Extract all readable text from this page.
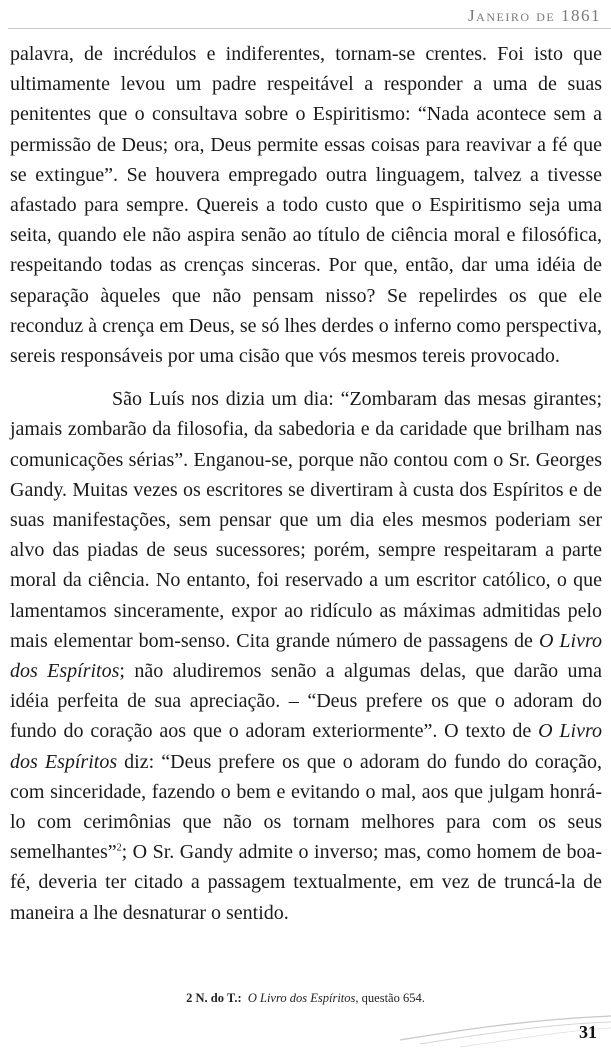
Janeiro de 1861

palavra, de incrédulos e indiferentes, tornam-se crentes. Foi isto que ultimamente levou um padre respeitável a responder a uma de suas penitentes que o consultava sobre o Espiritismo: “Nada acontece sem a permissão de Deus; ora, Deus permite essas coisas para reavivar a fé que se extingue”. Se houvera empregado outra linguagem, talvez a tivesse afastado para sempre. Quereis a todo custo que o Espiritismo seja uma seita, quando ele não aspira senão ao título de ciência moral e filosófica, respeitando todas as crenças sinceras. Por que, então, dar uma idéia de separação àqueles que não pensam nisso? Se repelirdes os que ele reconduz à crença em Deus, se só lhes derdes o inferno como perspectiva, sereis responsáveis por uma cisão que vós mesmos tereis provocado.

São Luís nos dizia um dia: “Zombaram das mesas girantes; jamais zombarão da filosofia, da sabedoria e da caridade que brilham nas comunicações sérias”. Enganou-se, porque não contou com o Sr. Georges Gandy. Muitas vezes os escritores se divertiram à custa dos Espíritos e de suas manifestações, sem pensar que um dia eles mesmos poderiam ser alvo das piadas de seus sucessores; porém, sempre respeitaram a parte moral da ciência. No entanto, foi reservado a um escritor católico, o que lamentamos sinceramente, expor ao ridículo as máximas admitidas pelo mais elementar bom-senso. Cita grande número de passagens de O Livro dos Espíritos; não aludiremos senão a algumas delas, que darão uma idéia perfeita de sua apreciação. – “Deus prefere os que o adoram do fundo do coração aos que o adoram exteriormente”. O texto de O Livro dos Espíritos diz: “Deus prefere os que o adoram do fundo do coração, com sinceridade, fazendo o bem e evitando o mal, aos que julgam honrá-lo com cerimônias que não os tornam melhores para com os seus semelhantes”$^2$; O Sr. Gandy admite o inverso; mas, como homem de boa-fé, deveria ter citado a passagem textualmente, em vez de truncá-la de maneira a lhe desnaturar o sentido.

2 N. do T.: O Livro dos Espíritos, questão 654.
31
